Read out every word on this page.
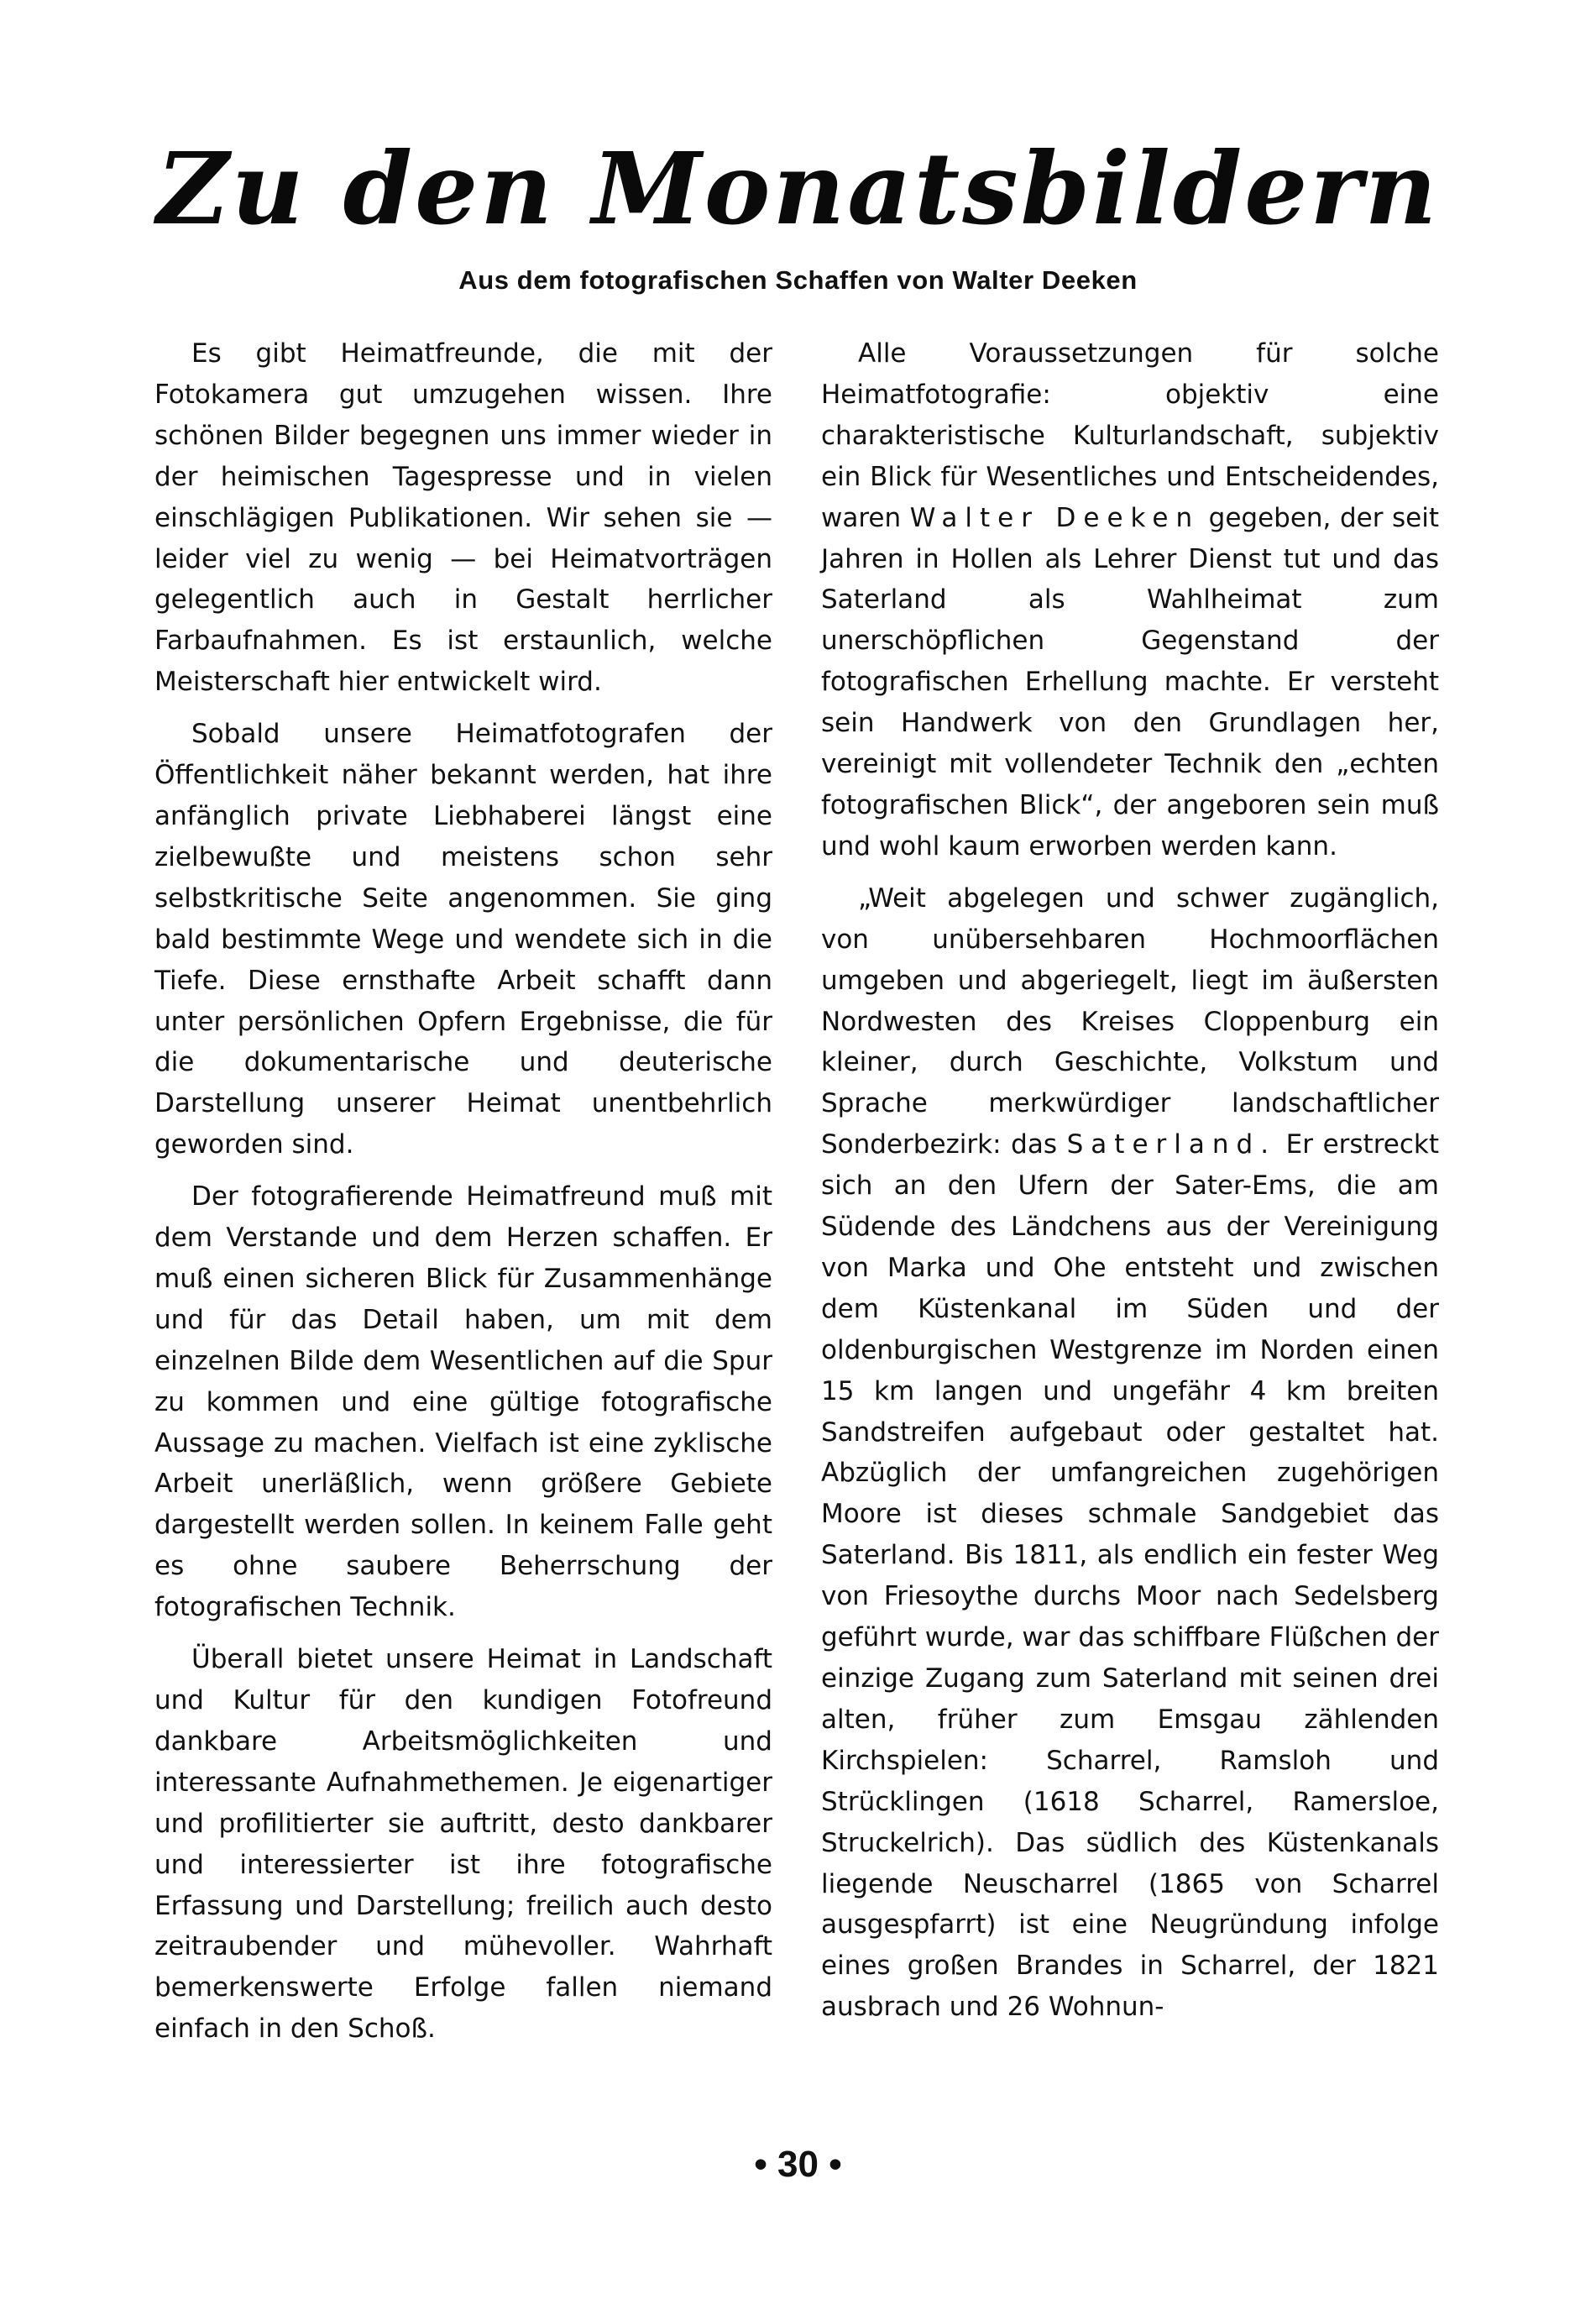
Zu den Monatsbildern
Aus dem fotografischen Schaffen von Walter Deeken

Es gibt Heimatfreunde, die mit der Fotokamera gut umzugehen wissen. Ihre schönen Bilder begegnen uns immer wieder in der heimischen Tagespresse und in vielen einschlägigen Publikationen. Wir sehen sie — leider viel zu wenig — bei Heimatvorträgen gelegentlich auch in Gestalt herrlicher Farbaufnahmen. Es ist erstaunlich, welche Meisterschaft hier entwickelt wird.

Sobald unsere Heimatfotografen der Öffentlichkeit näher bekannt werden, hat ihre anfänglich private Liebhaberei längst eine zielbewußte und meistens schon sehr selbstkritische Seite angenommen. Sie ging bald bestimmte Wege und wendete sich in die Tiefe. Diese ernsthafte Arbeit schafft dann unter persönlichen Opfern Ergebnisse, die für die dokumentarische und deuterische Darstellung unserer Heimat unentbehrlich geworden sind.

Der fotografierende Heimatfreund muß mit dem Verstande und dem Herzen schaffen. Er muß einen sicheren Blick für Zusammenhänge und für das Detail haben, um mit dem einzelnen Bilde dem Wesentlichen auf die Spur zu kommen und eine gültige fotografische Aussage zu machen. Vielfach ist eine zyklische Arbeit unerläßlich, wenn größere Gebiete dargestellt werden sollen. In keinem Falle geht es ohne saubere Beherrschung der fotografischen Technik.

Überall bietet unsere Heimat in Landschaft und Kultur für den kundigen Fotofreund dankbare Arbeitsmöglichkeiten und interessante Aufnahmethemen. Je eigenartiger und profilitierter sie auftritt, desto dankbarer und interessierter ist ihre fotografische Erfassung und Darstellung; freilich auch desto zeitraubender und mühevoller. Wahrhaft bemerkenswerte Erfolge fallen niemand einfach in den Schoß.

Alle Voraussetzungen für solche Heimatfotografie: objektiv eine charakteristische Kulturlandschaft, subjektiv ein Blick für Wesentliches und Entscheidendes, waren Walter Deeken gegeben, der seit Jahren in Hollen als Lehrer Dienst tut und das Saterland als Wahlheimat zum unerschöpflichen Gegenstand der fotografischen Erhellung machte. Er versteht sein Handwerk von den Grundlagen her, vereinigt mit vollendeter Technik den „echten fotografischen Blick“, der angeboren sein muß und wohl kaum erworben werden kann.

„Weit abgelegen und schwer zugänglich, von unübersehbaren Hochmoorflächen umgeben und abgeriegelt, liegt im äußersten Nordwesten des Kreises Cloppenburg ein kleiner, durch Geschichte, Volkstum und Sprache merkwürdiger landschaftlicher Sonderbezirk: das Saterland. Er erstreckt sich an den Ufern der Sater-Ems, die am Südende des Ländchens aus der Vereinigung von Marka und Ohe entsteht und zwischen dem Küstenkanal im Süden und der oldenburgischen Westgrenze im Norden einen 15 km langen und ungefähr 4 km breiten Sandstreifen aufgebaut oder gestaltet hat. Abzüglich der umfangreichen zugehörigen Moore ist dieses schmale Sandgebiet das Saterland. Bis 1811, als endlich ein fester Weg von Friesoythe durchs Moor nach Sedelsberg geführt wurde, war das schiffbare Flüßchen der einzige Zugang zum Saterland mit seinen drei alten, früher zum Emsgau zählenden Kirchspielen: Scharrel, Ramsloh und Strücklingen (1618 Scharrel, Ramersloe, Struckelrich). Das südlich des Küstenkanals liegende Neuscharrel (1865 von Scharrel ausgespfarrt) ist eine Neugründung infolge eines großen Brandes in Scharrel, der 1821 ausbrach und 26 Wohnun-

• 30 •
